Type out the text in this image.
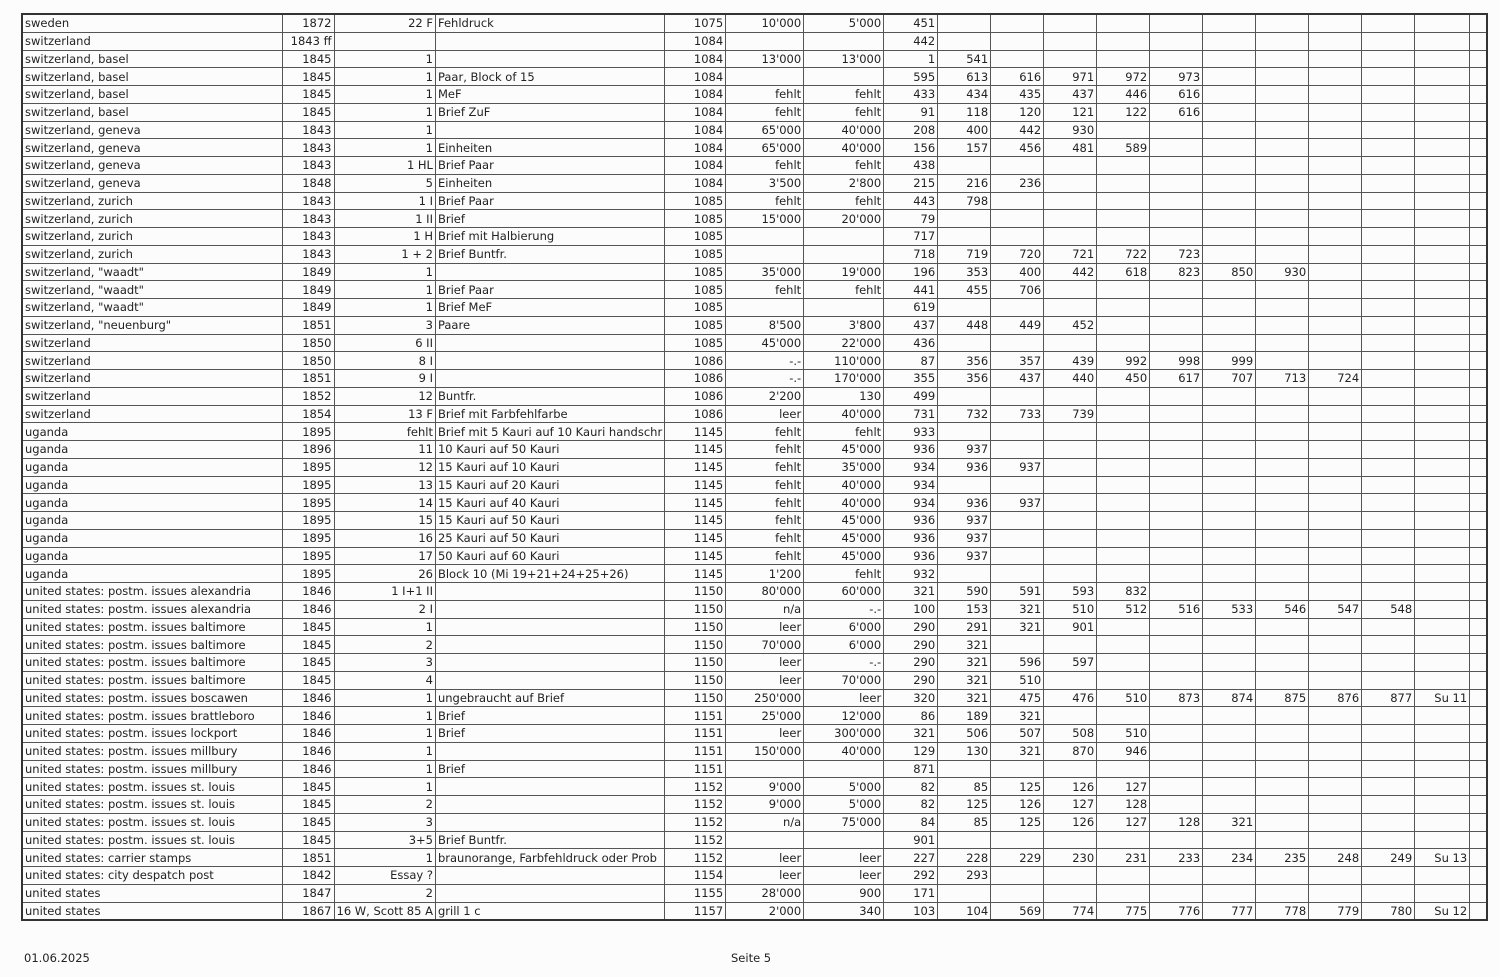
sweden	1872	22 F	Fehldruck	1075	10'000	5'000	451											
switzerland	1843 ff			1084			442											
switzerland, basel	1845	1		1084	13'000	13'000	1	541										
switzerland, basel	1845	1	Paar, Block of 15	1084			595	613	616	971	972	973						
switzerland, basel	1845	1	MeF	1084	fehlt	fehlt	433	434	435	437	446	616						
switzerland, basel	1845	1	Brief ZuF	1084	fehlt	fehlt	91	118	120	121	122	616						
switzerland, geneva	1843	1		1084	65'000	40'000	208	400	442	930								
switzerland, geneva	1843	1	Einheiten	1084	65'000	40'000	156	157	456	481	589							
switzerland, geneva	1843	1 HL	Brief Paar	1084	fehlt	fehlt	438											
switzerland, geneva	1848	5	Einheiten	1084	3'500	2'800	215	216	236									
switzerland, zurich	1843	1 I	Brief Paar	1085	fehlt	fehlt	443	798										
switzerland, zurich	1843	1 II	Brief	1085	15'000	20'000	79											
switzerland, zurich	1843	1 H	Brief mit Halbierung	1085			717											
switzerland, zurich	1843	1 + 2	Brief Buntfr.	1085			718	719	720	721	722	723						
switzerland, "waadt"	1849	1		1085	35'000	19'000	196	353	400	442	618	823	850	930				
switzerland, "waadt"	1849	1	Brief Paar	1085	fehlt	fehlt	441	455	706									
switzerland, "waadt"	1849	1	Brief MeF	1085			619											
switzerland, "neuenburg"	1851	3	Paare	1085	8'500	3'800	437	448	449	452								
switzerland	1850	6 II		1085	45'000	22'000	436											
switzerland	1850	8 I		1086	-.-	110'000	87	356	357	439	992	998	999					
switzerland	1851	9 I		1086	-.-	170'000	355	356	437	440	450	617	707	713	724			
switzerland	1852	12	Buntfr.	1086	2'200	130	499											
switzerland	1854	13 F	Brief mit Farbfehlfarbe	1086	leer	40'000	731	732	733	739								
uganda	1895	fehlt	Brief mit 5 Kauri auf 10 Kauri handschr	1145	fehlt	fehlt	933											
uganda	1896	11	10 Kauri auf 50 Kauri	1145	fehlt	45'000	936	937										
uganda	1895	12	15 Kauri auf 10 Kauri	1145	fehlt	35'000	934	936	937									
uganda	1895	13	15 Kauri auf 20 Kauri	1145	fehlt	40'000	934											
uganda	1895	14	15 Kauri auf 40 Kauri	1145	fehlt	40'000	934	936	937									
uganda	1895	15	15 Kauri auf 50 Kauri	1145	fehlt	45'000	936	937										
uganda	1895	16	25 Kauri auf 50 Kauri	1145	fehlt	45'000	936	937										
uganda	1895	17	50 Kauri auf 60 Kauri	1145	fehlt	45'000	936	937										
uganda	1895	26	Block 10 (Mi 19+21+24+25+26)	1145	1'200	fehlt	932											
united states: postm. issues alexandria	1846	1 I+1 II		1150	80'000	60'000	321	590	591	593	832							
united states: postm. issues alexandria	1846	2 I		1150	n/a	-.-	100	153	321	510	512	516	533	546	547	548		
united states: postm. issues baltimore	1845	1		1150	leer	6'000	290	291	321	901								
united states: postm. issues baltimore	1845	2		1150	70'000	6'000	290	321										
united states: postm. issues baltimore	1845	3		1150	leer	-.-	290	321	596	597								
united states: postm. issues baltimore	1845	4		1150	leer	70'000	290	321	510									
united states: postm. issues boscawen	1846	1	ungebraucht auf Brief	1150	250'000	leer	320	321	475	476	510	873	874	875	876	877	Su 11	
united states: postm. issues brattleboro	1846	1	Brief	1151	25'000	12'000	86	189	321									
united states: postm. issues lockport	1846	1	Brief	1151	leer	300'000	321	506	507	508	510							
united states: postm. issues millbury	1846	1		1151	150'000	40'000	129	130	321	870	946							
united states: postm. issues millbury	1846	1	Brief	1151			871											
united states: postm. issues st. louis	1845	1		1152	9'000	5'000	82	85	125	126	127							
united states: postm. issues st. louis	1845	2		1152	9'000	5'000	82	125	126	127	128							
united states: postm. issues st. louis	1845	3		1152	n/a	75'000	84	85	125	126	127	128	321					
united states: postm. issues st. louis	1845	3+5	Brief Buntfr.	1152			901											
united states: carrier stamps	1851	1	braunorange, Farbfehldruck oder Prob	1152	leer	leer	227	228	229	230	231	233	234	235	248	249	Su 13	
united states: city despatch post	1842	Essay ?		1154	leer	leer	292	293										
united states	1847	2		1155	28'000	900	171											
united states	1867	16 W, Scott 85 A	grill 1 c	1157	2'000	340	103	104	569	774	775	776	777	778	779	780	Su 12	
01.06.2025	Seite 5
